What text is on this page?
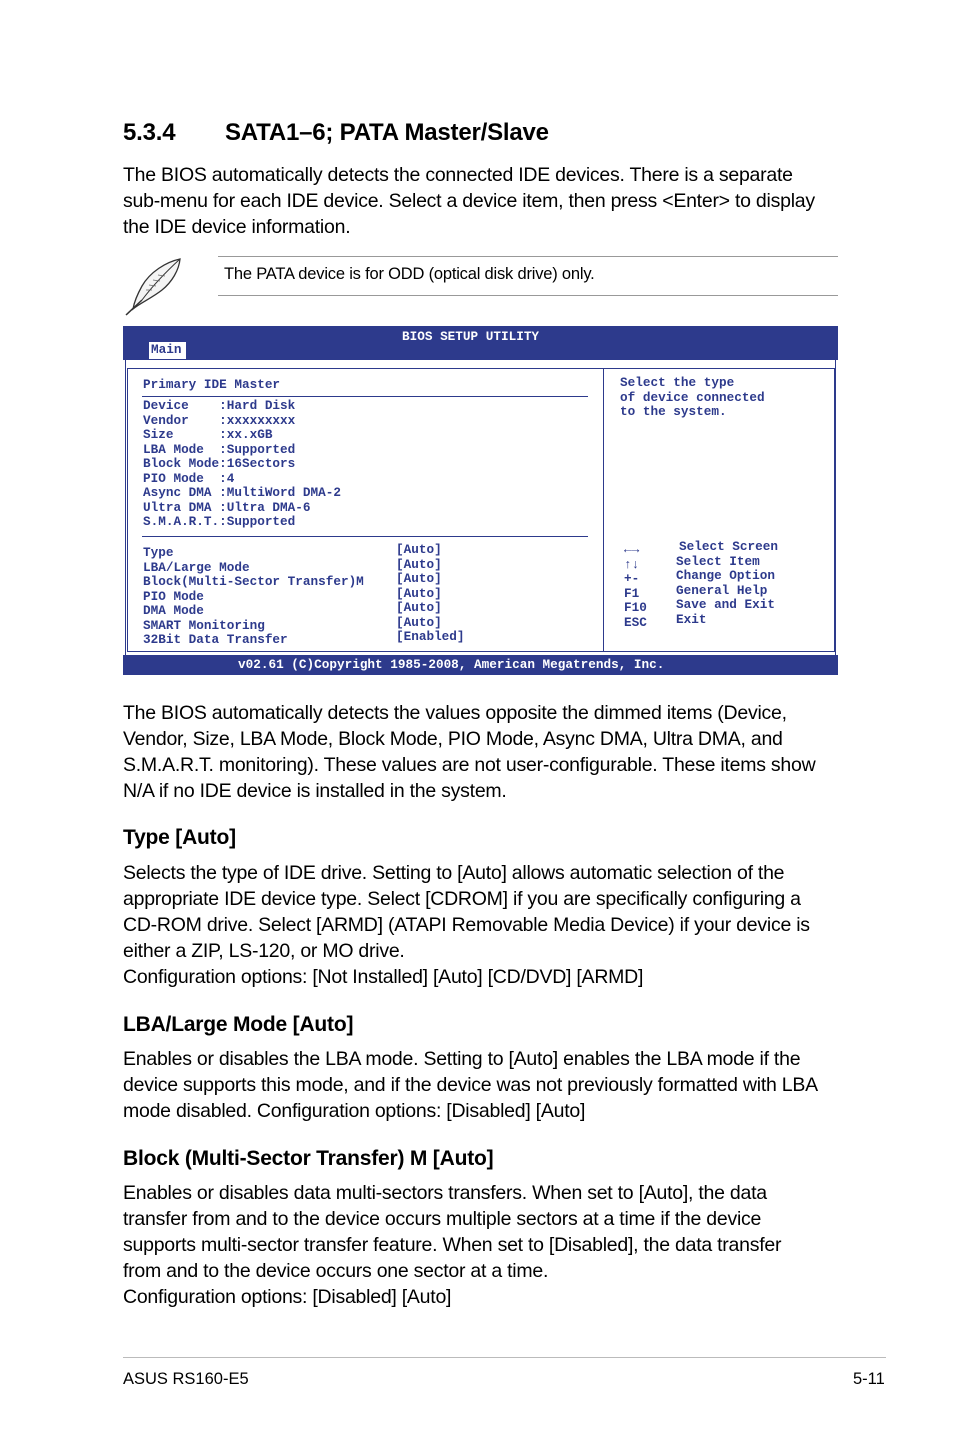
5.3.4 SATA1–6; PATA Master/Slave
The BIOS automatically detects the connected IDE devices. There is a separate
sub-menu for each IDE device. Select a device item, then press <Enter> to display
the IDE device information.
The PATA device is for ODD (optical disk drive) only.
BIOS SETUP UTILITY
Main
Primary IDE Master
Device    :Hard Disk
Vendor    :xxxxxxxxx
Size      :xx.xGB
LBA Mode  :Supported
Block Mode:16Sectors
PIO Mode  :4
Async DMA :MultiWord DMA-2
Ultra DMA :Ultra DMA-6
S.M.A.R.T.:Supported
Type	[Auto]
LBA/Large Mode	[Auto]
Block(Multi-Sector Transfer)M	[Auto]
PIO Mode	[Auto]
DMA Mode	[Auto]
SMART Monitoring	[Auto]
32Bit Data Transfer	[Enabled]
Select the type
of device connected
to the system.
←→	Select Screen
↑↓	Select Item
+-	Change Option
F1	General Help
F10 Save and Exit
ESC Exit
v02.61 (C)Copyright 1985-2008, American Megatrends, Inc.
The BIOS automatically detects the values opposite the dimmed items (Device,
Vendor, Size, LBA Mode, Block Mode, PIO Mode, Async DMA, Ultra DMA, and
S.M.A.R.T. monitoring). These values are not user-configurable. These items show
N/A if no IDE device is installed in the system.
Type [Auto]
Selects the type of IDE drive. Setting to [Auto] allows automatic selection of the
appropriate IDE device type. Select [CDROM] if you are specifically configuring a
CD-ROM drive. Select [ARMD] (ATAPI Removable Media Device) if your device is
either a ZIP, LS-120, or MO drive.
Configuration options: [Not Installed] [Auto] [CD/DVD] [ARMD]
LBA/Large Mode [Auto]
Enables or disables the LBA mode. Setting to [Auto] enables the LBA mode if the
device supports this mode, and if the device was not previously formatted with LBA
mode disabled. Configuration options: [Disabled] [Auto]
Block (Multi-Sector Transfer) M [Auto]
Enables or disables data multi-sectors transfers. When set to [Auto], the data
transfer from and to the device occurs multiple sectors at a time if the device
supports multi-sector transfer feature. When set to [Disabled], the data transfer
from and to the device occurs one sector at a time.
Configuration options: [Disabled] [Auto]
ASUS RS160-E5	5-11
